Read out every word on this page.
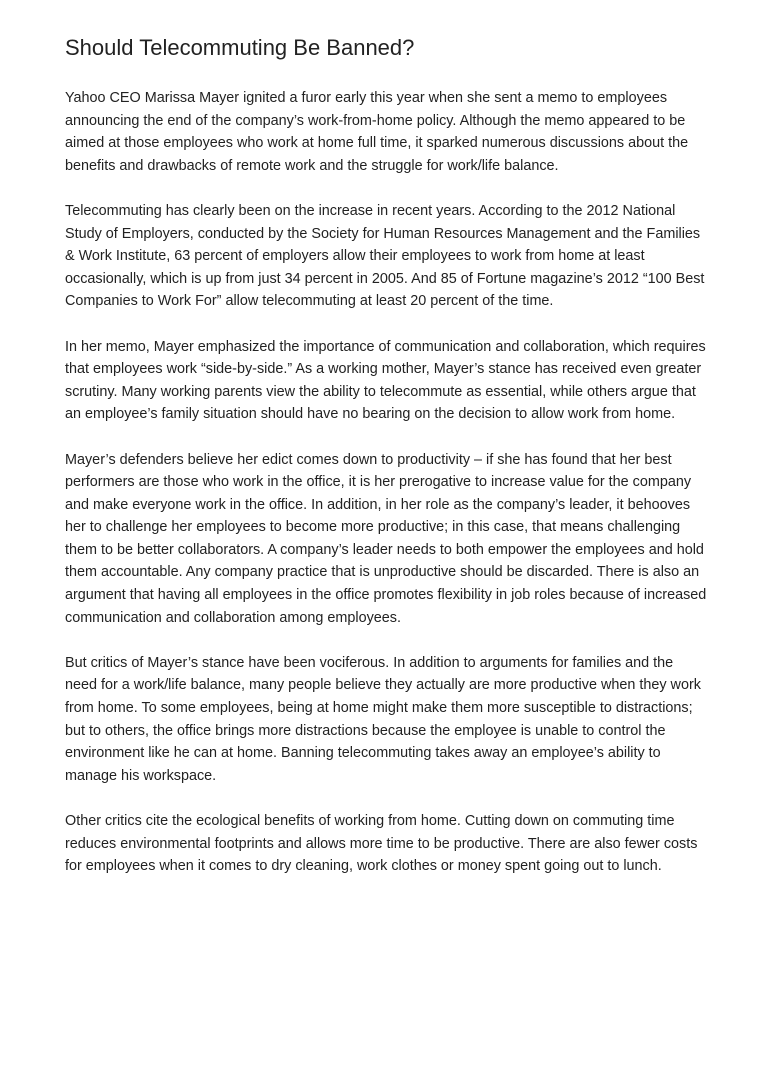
Should Telecommuting Be Banned?

Yahoo CEO Marissa Mayer ignited a furor early this year when she sent a memo to employees announcing the end of the company’s work-from-home policy. Although the memo appeared to be aimed at those employees who work at home full time, it sparked numerous discussions about the benefits and drawbacks of remote work and the struggle for work/life balance.

Telecommuting has clearly been on the increase in recent years. According to the 2012 National Study of Employers, conducted by the Society for Human Resources Management and the Families & Work Institute, 63 percent of employers allow their employees to work from home at least occasionally, which is up from just 34 percent in 2005. And 85 of Fortune magazine’s 2012 “100 Best Companies to Work For” allow telecommuting at least 20 percent of the time.

In her memo, Mayer emphasized the importance of communication and collaboration, which requires that employees work “side-by-side.” As a working mother, Mayer’s stance has received even greater scrutiny. Many working parents view the ability to telecommute as essential, while others argue that an employee’s family situation should have no bearing on the decision to allow work from home.

Mayer’s defenders believe her edict comes down to productivity – if she has found that her best performers are those who work in the office, it is her prerogative to increase value for the company and make everyone work in the office. In addition, in her role as the company’s leader, it behooves her to challenge her employees to become more productive; in this case, that means challenging them to be better collaborators. A company’s leader needs to both empower the employees and hold them accountable. Any company practice that is unproductive should be discarded. There is also an argument that having all employees in the office promotes flexibility in job roles because of increased communication and collaboration among employees.

But critics of Mayer’s stance have been vociferous. In addition to arguments for families and the need for a work/life balance, many people believe they actually are more productive when they work from home. To some employees, being at home might make them more susceptible to distractions; but to others, the office brings more distractions because the employee is unable to control the environment like he can at home. Banning telecommuting takes away an employee’s ability to manage his workspace.

Other critics cite the ecological benefits of working from home. Cutting down on commuting time reduces environmental footprints and allows more time to be productive. There are also fewer costs for employees when it comes to dry cleaning, work clothes or money spent going out to lunch.
